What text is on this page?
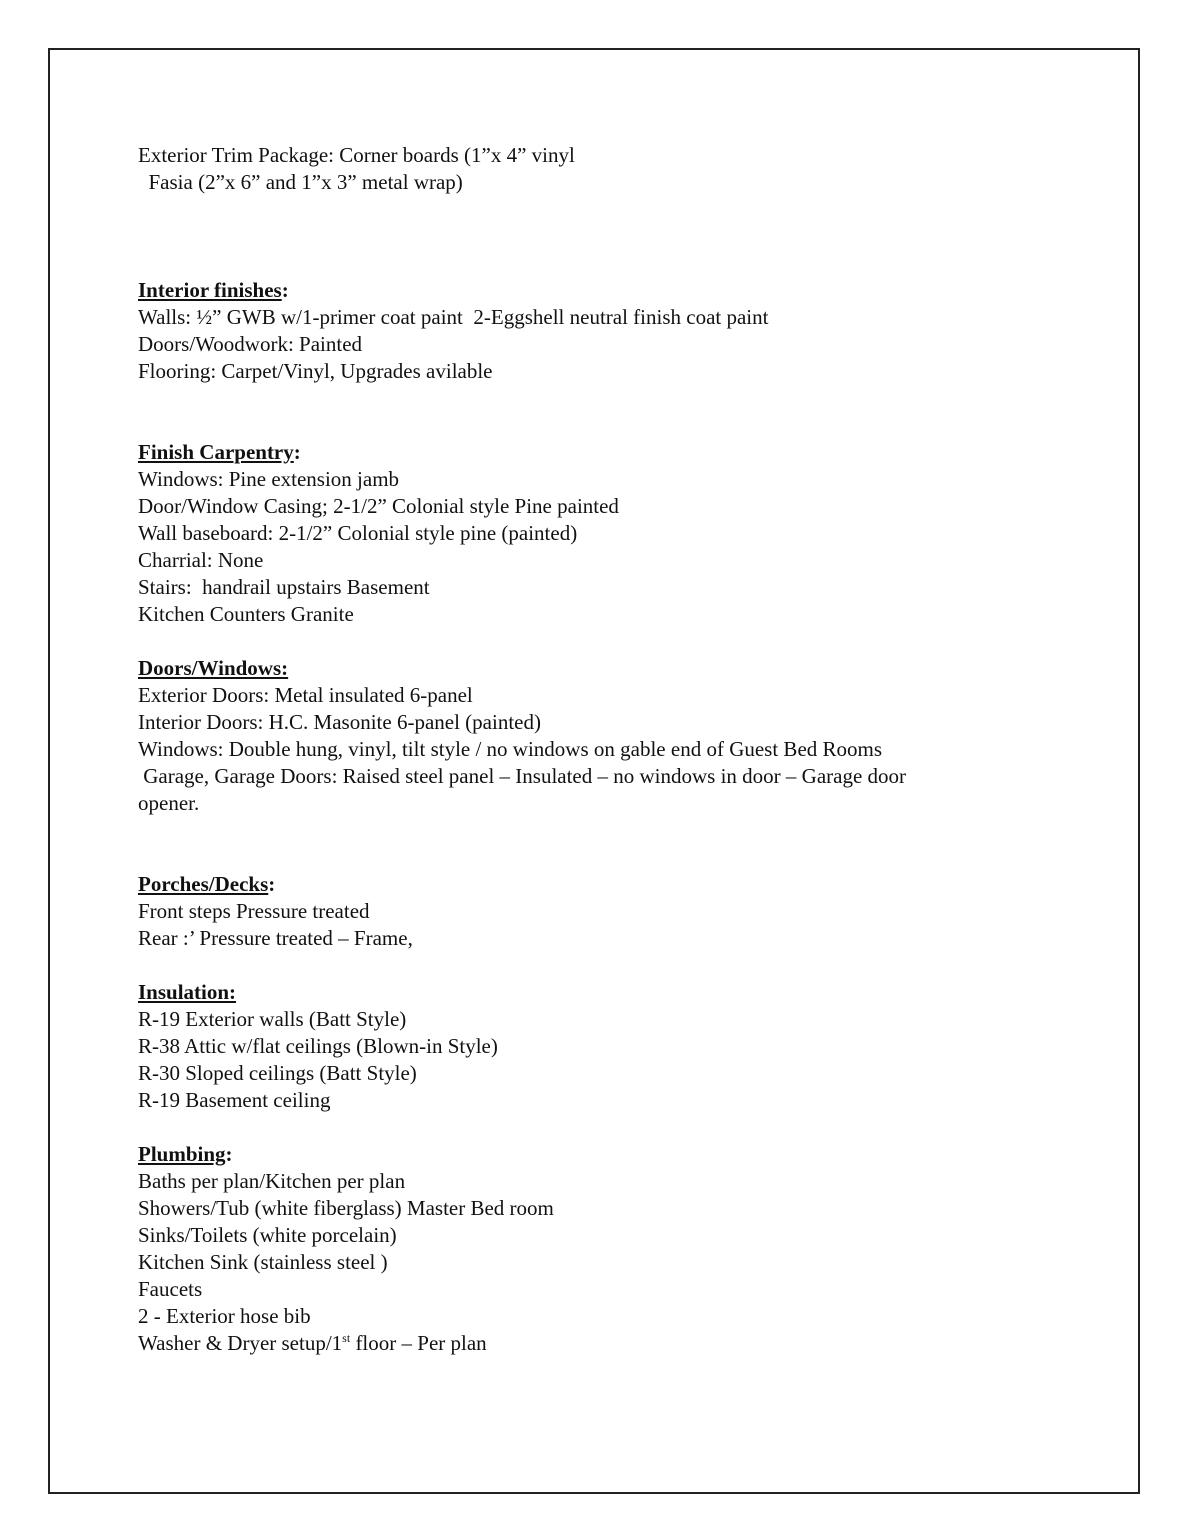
Exterior Trim Package: Corner boards (1”x 4” vinyl

Fasia (2”x 6” and 1”x 3” metal wrap)

Interior finishes:

Walls: ½” GWB w/1-primer coat paint  2-Eggshell neutral finish coat paint

Doors/Woodwork: Painted

Flooring: Carpet/Vinyl, Upgrades avilable

Finish Carpentry:

Windows: Pine extension jamb

Door/Window Casing; 2-1/2” Colonial style Pine painted

Wall baseboard: 2-1/2” Colonial style pine (painted)

Charrial: None

Stairs:  handrail upstairs Basement

Kitchen Counters Granite

Doors/Windows:

Exterior Doors: Metal insulated 6-panel

Interior Doors: H.C. Masonite 6-panel (painted)

Windows: Double hung, vinyl, tilt style / no windows on gable end of Guest Bed Rooms

Garage, Garage Doors: Raised steel panel – Insulated – no windows in door – Garage door

opener.

Porches/Decks:

Front steps Pressure treated

Rear :’ Pressure treated – Frame,

Insulation:

R-19 Exterior walls (Batt Style)

R-38 Attic w/flat ceilings (Blown-in Style)

R-30 Sloped ceilings (Batt Style)

R-19 Basement ceiling

Plumbing:

Baths per plan/Kitchen per plan

Showers/Tub (white fiberglass) Master Bed room

Sinks/Toilets (white porcelain)

Kitchen Sink (stainless steel )

Faucets

2 - Exterior hose bib

Washer & Dryer setup/1st floor – Per plan
